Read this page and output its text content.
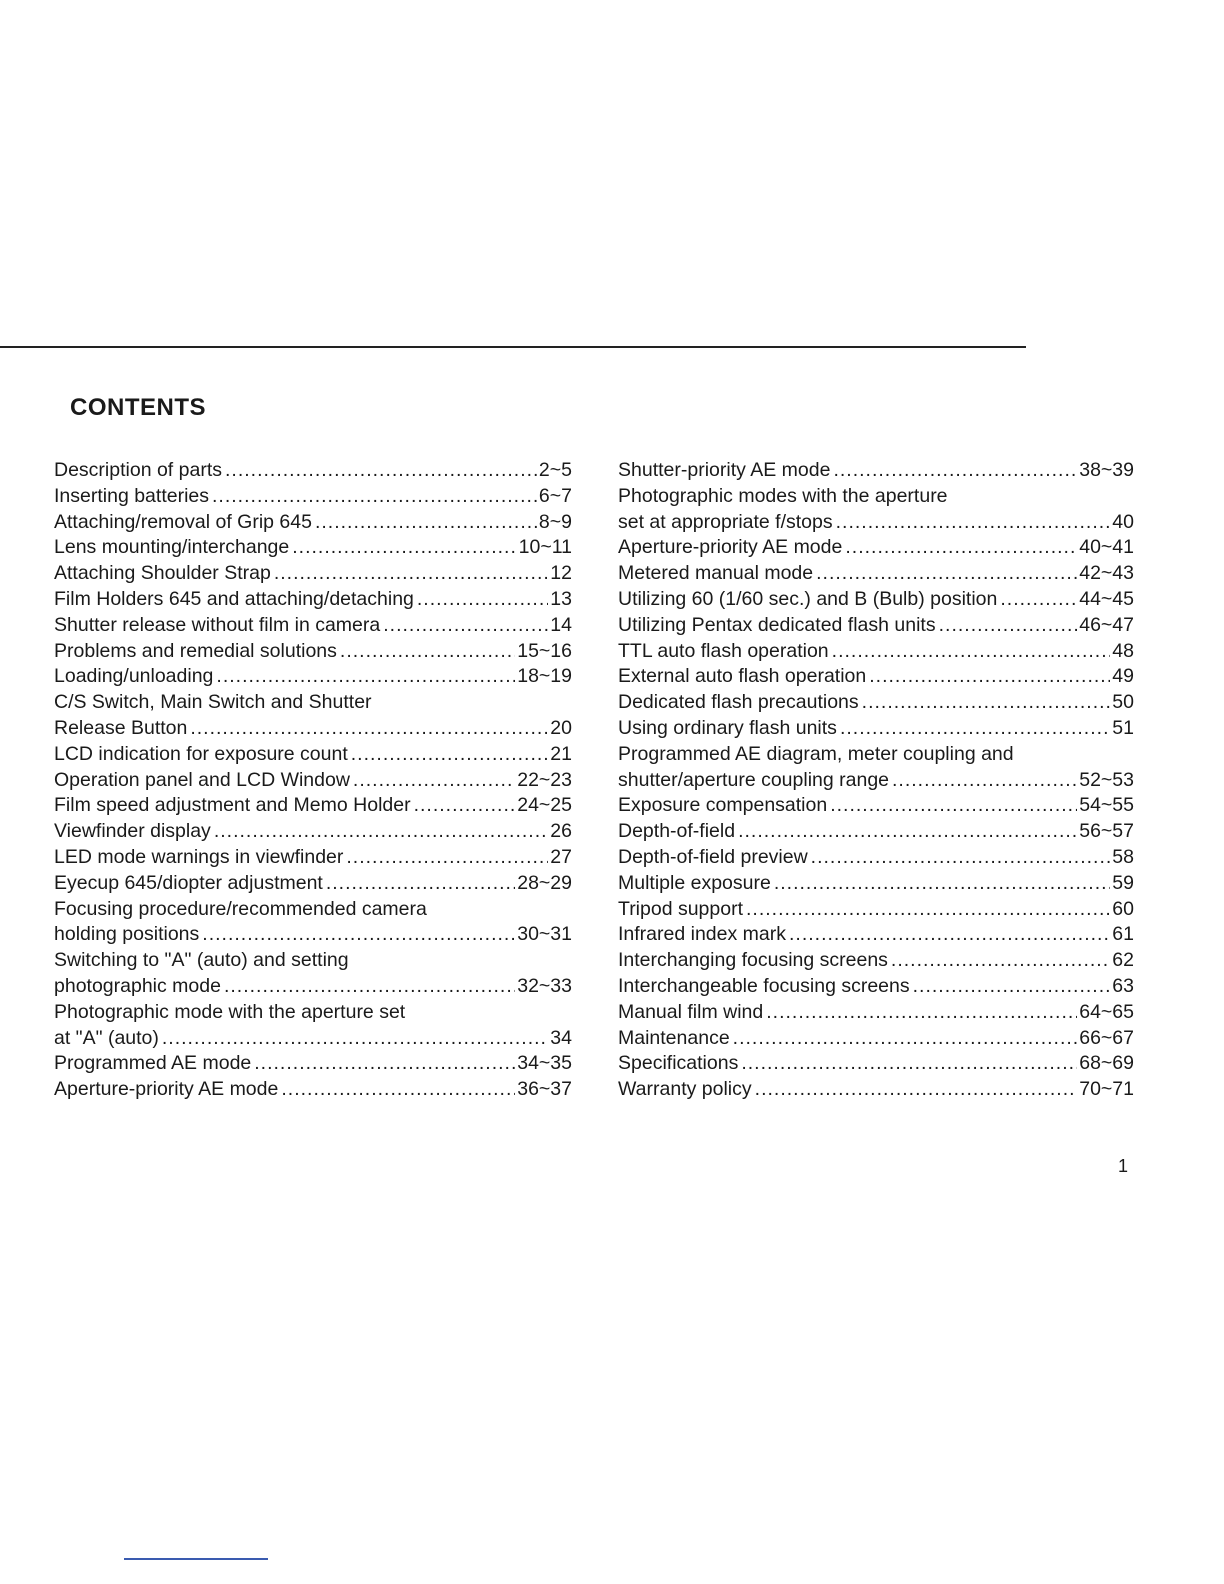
CONTENTS
Description of parts .....	2~5
Inserting batteries .....	6~7
Attaching/removal of Grip 645 .....	8~9
Lens mounting/interchange .....	10~11
Attaching Shoulder Strap .....	12
Film Holders 645 and attaching/detaching .....	13
Shutter release without film in camera .....	14
Problems and remedial solutions .....	15~16
Loading/unloading .....	18~19
C/S Switch, Main Switch and Shutter
Release Button .....	20
LCD indication for exposure count .....	21
Operation panel and LCD Window .....	22~23
Film speed adjustment and Memo Holder .....	24~25
Viewfinder display .....	26
LED mode warnings in viewfinder .....	27
Eyecup 645/diopter adjustment .....	28~29
Focusing procedure/recommended camera
holding positions .....	30~31
Switching to "A" (auto) and setting
photographic mode .....	32~33
Photographic mode with the aperture set
at "A" (auto) .....	34
Programmed AE mode .....	34~35
Aperture-priority AE mode .....	36~37
Shutter-priority AE mode .....	38~39
Photographic modes with the aperture
set at appropriate f/stops .....	40
Aperture-priority AE mode .....	40~41
Metered manual mode .....	42~43
Utilizing 60 (1/60 sec.) and B (Bulb) position .....	44~45
Utilizing Pentax dedicated flash units .....	46~47
TTL auto flash operation .....	48
External auto flash operation .....	49
Dedicated flash precautions .....	50
Using ordinary flash units .....	51
Programmed AE diagram, meter coupling and
shutter/aperture coupling range .....	52~53
Exposure compensation .....	54~55
Depth-of-field .....	56~57
Depth-of-field preview .....	58
Multiple exposure .....	59
Tripod support .....	60
Infrared index mark .....	61
Interchanging focusing screens .....	62
Interchangeable focusing screens .....	63
Manual film wind .....	64~65
Maintenance .....	66~67
Specifications .....	68~69
Warranty policy .....	70~71

1
